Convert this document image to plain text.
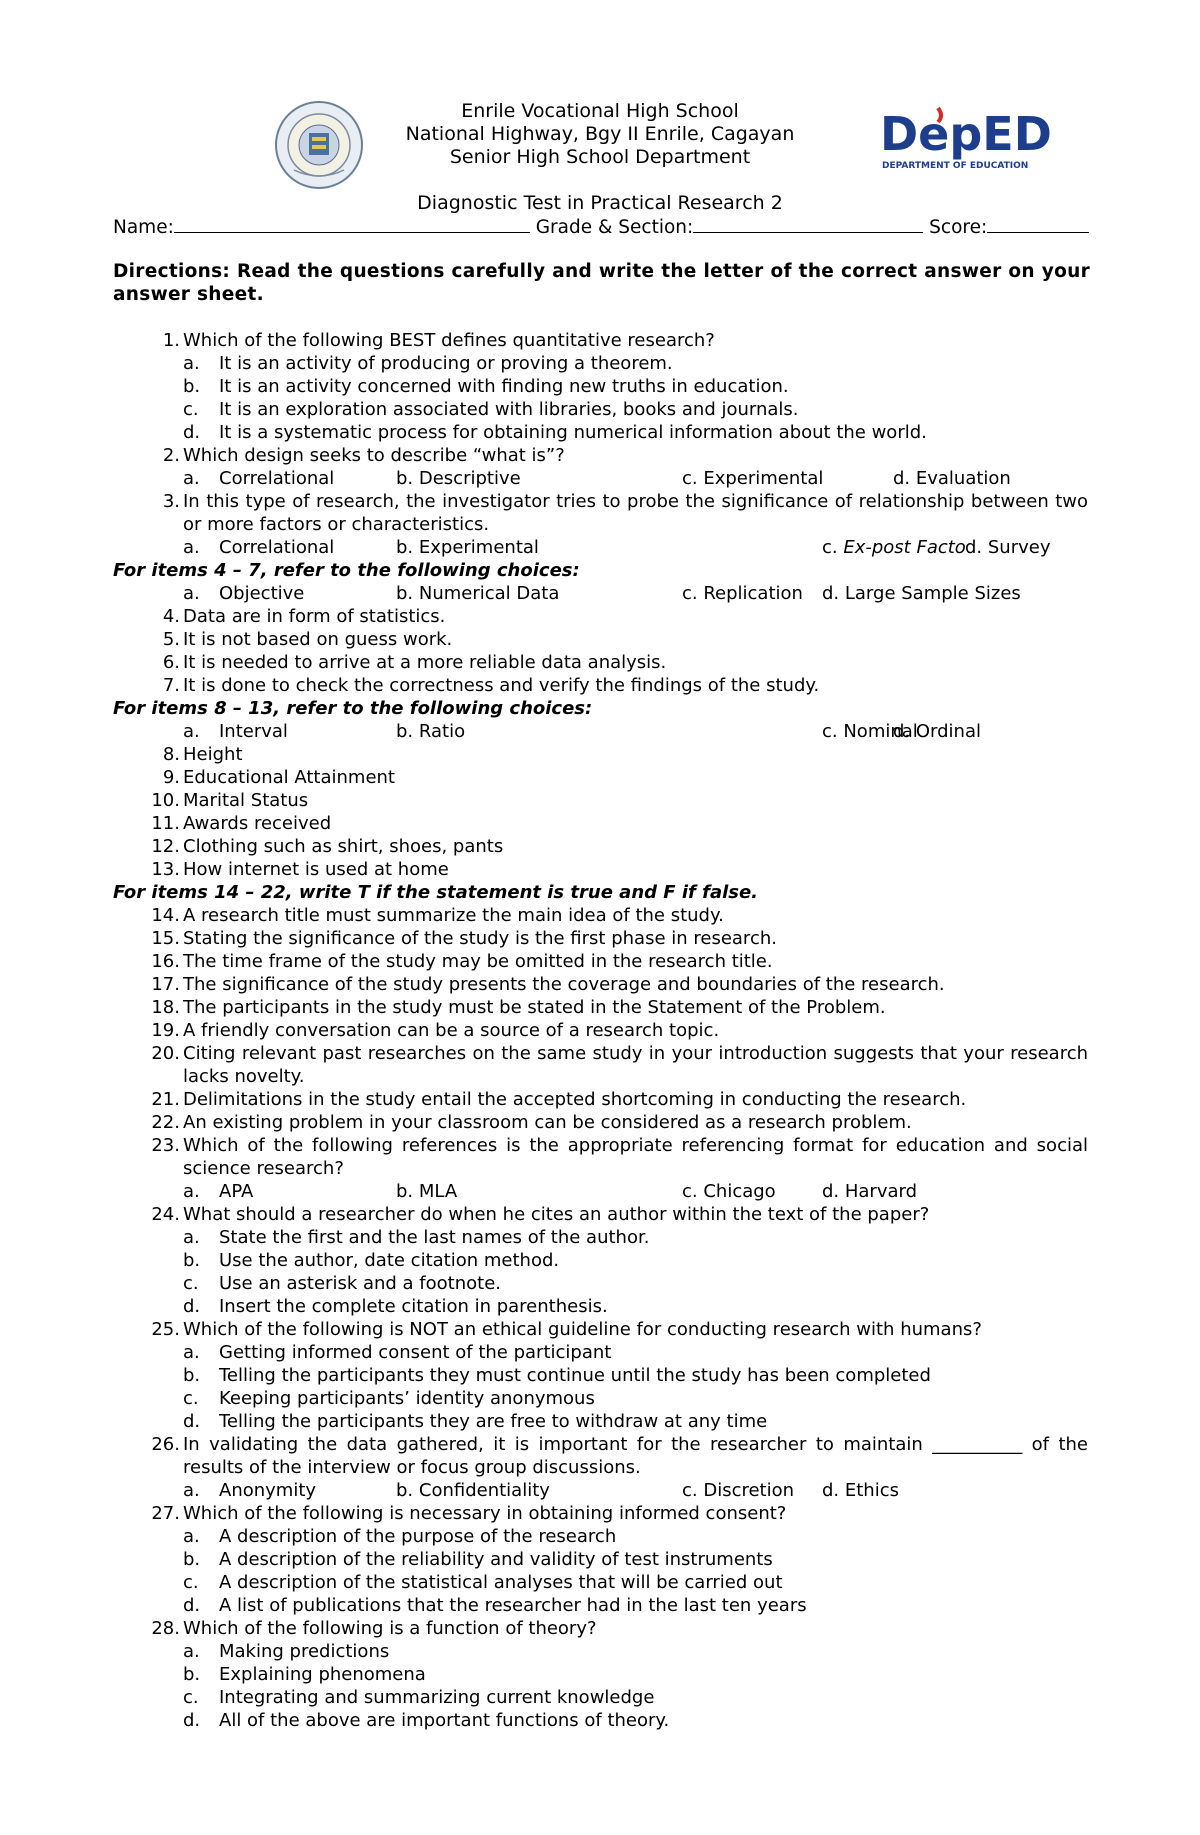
DepED
DEPARTMENT OF EDUCATION
Enrile Vocational High School
National Highway, Bgy II Enrile, Cagayan
Senior High School Department
Diagnostic Test in Practical Research 2
Name:	Grade & Section:	Score:
Directions: Read the questions carefully and write the letter of the correct answer on your answer sheet.
1. Which of the following BEST defines quantitative research?
a. It is an activity of producing or proving a theorem.
b. It is an activity concerned with finding new truths in education.
c. It is an exploration associated with libraries, books and journals.
d. It is a systematic process for obtaining numerical information about the world.
2. Which design seeks to describe “what is”?
a. Correlational	b. Descriptive	c. Experimental	d. Evaluation
3. In this type of research, the investigator tries to probe the significance of relationship between two or more factors or characteristics.
a. Correlational	b. Experimental	c. Ex-post Facto d. Survey
For items 4 – 7, refer to the following choices:
a. Objective	b. Numerical Data	c. Replication d. Large Sample Sizes
4. Data are in form of statistics.
5. It is not based on guess work.
6. It is needed to arrive at a more reliable data analysis.
7. It is done to check the correctness and verify the findings of the study.
For items 8 – 13, refer to the following choices:
a. Interval	b. Ratio	c. Nominal
d. Ordinal
8. Height
9. Educational Attainment
10. Marital Status
11. Awards received
12. Clothing such as shirt, shoes, pants
13. How internet is used at home
For items 14 – 22, write T if the statement is true and F if false.
14. A research title must summarize the main idea of the study.
15. Stating the significance of the study is the first phase in research.
16. The time frame of the study may be omitted in the research title.
17. The significance of the study presents the coverage and boundaries of the research.
18. The participants in the study must be stated in the Statement of the Problem.
19. A friendly conversation can be a source of a research topic.
20. Citing relevant past researches on the same study in your introduction suggests that your research lacks novelty.
21. Delimitations in the study entail the accepted shortcoming in conducting the research.
22. An existing problem in your classroom can be considered as a research problem.
23. Which of the following references is the appropriate referencing format for education and social science research?
a. APA	b. MLA	c. Chicago	d. Harvard
24. What should a researcher do when he cites an author within the text of the paper?
a. State the first and the last names of the author.
b. Use the author, date citation method.
c. Use an asterisk and a footnote.
d. Insert the complete citation in parenthesis.
25. Which of the following is NOT an ethical guideline for conducting research with humans?
a. Getting informed consent of the participant
b. Telling the participants they must continue until the study has been completed
c. Keeping participants’ identity anonymous
d. Telling the participants they are free to withdraw at any time
26. In validating the data gathered, it is important for the researcher to maintain __________ of the results of the interview or focus group discussions.
a. Anonymity	b. Confidentiality	c. Discretion d. Ethics
27. Which of the following is necessary in obtaining informed consent?
a. A description of the purpose of the research
b. A description of the reliability and validity of test instruments
c. A description of the statistical analyses that will be carried out
d. A list of publications that the researcher had in the last ten years
28. Which of the following is a function of theory?
a. Making predictions
b. Explaining phenomena
c. Integrating and summarizing current knowledge
d. All of the above are important functions of theory.
